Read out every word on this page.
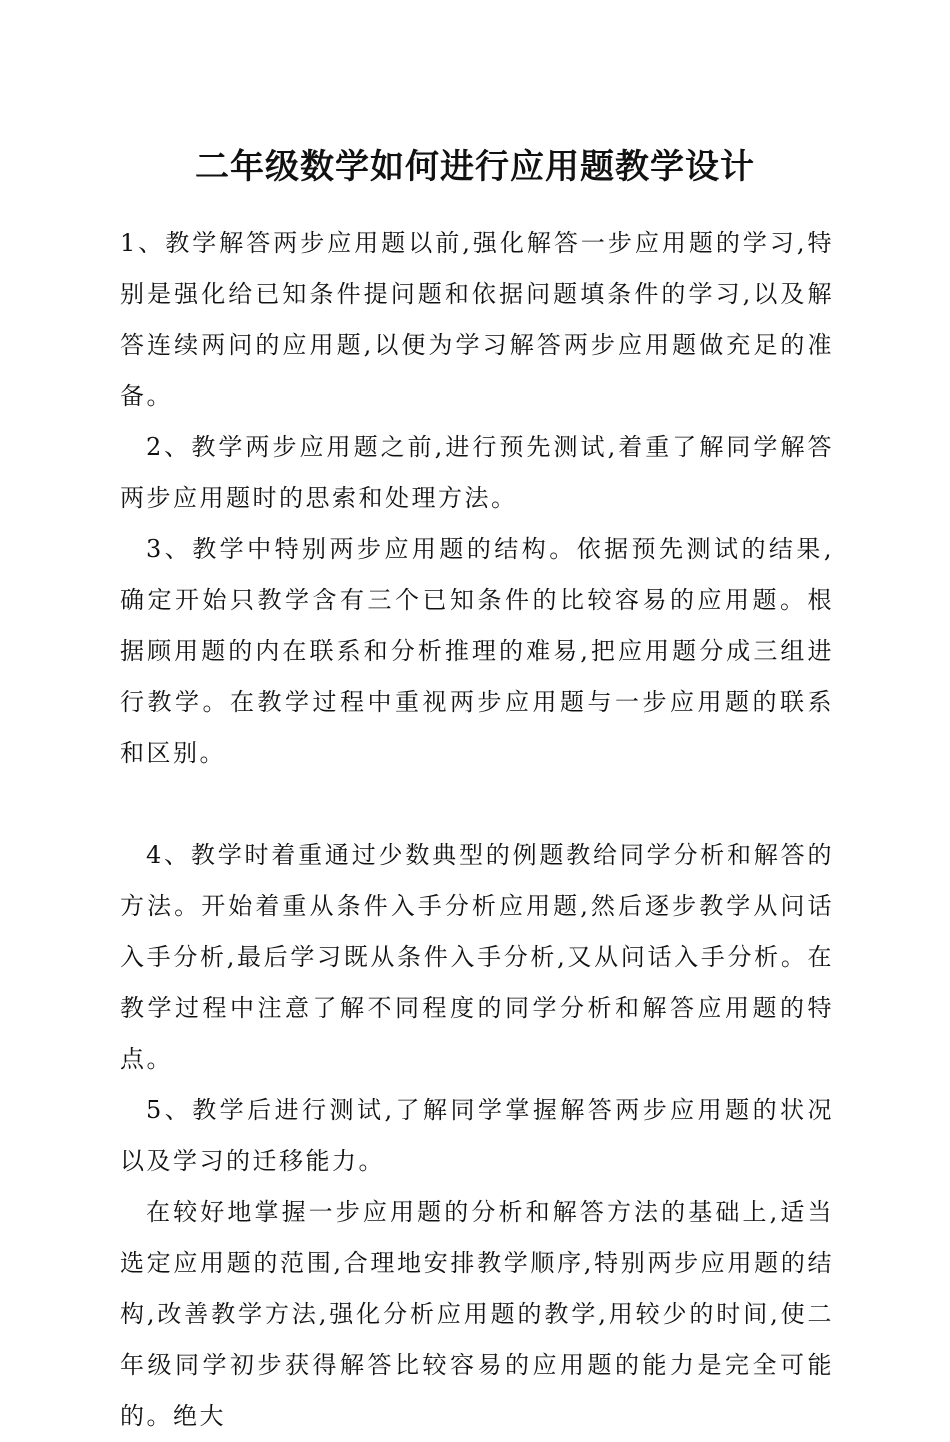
二年级数学如何进行应用题教学设计

1、教学解答两步应用题以前,强化解答一步应用题的学习,特别是强化给已知条件提问题和依据问题填条件的学习,以及解答连续两问的应用题,以便为学习解答两步应用题做充足的准备。

2、教学两步应用题之前,进行预先测试,着重了解同学解答两步应用题时的思索和处理方法。

3、教学中特别两步应用题的结构。依据预先测试的结果,确定开始只教学含有三个已知条件的比较容易的应用题。根据顾用题的内在联系和分析推理的难易,把应用题分成三组进行教学。在教学过程中重视两步应用题与一步应用题的联系和区别。

4、教学时着重通过少数典型的例题教给同学分析和解答的方法。开始着重从条件入手分析应用题,然后逐步教学从问话入手分析,最后学习既从条件入手分析,又从问话入手分析。在教学过程中注意了解不同程度的同学分析和解答应用题的特点。

5、教学后进行测试,了解同学掌握解答两步应用题的状况以及学习的迁移能力。

在较好地掌握一步应用题的分析和解答方法的基础上,适当选定应用题的范围,合理地安排教学顺序,特别两步应用题的结构,改善教学方法,强化分析应用题的教学,用较少的时间,使二年级同学初步获得解答比较容易的应用题的能力是完全可能的。绝大
